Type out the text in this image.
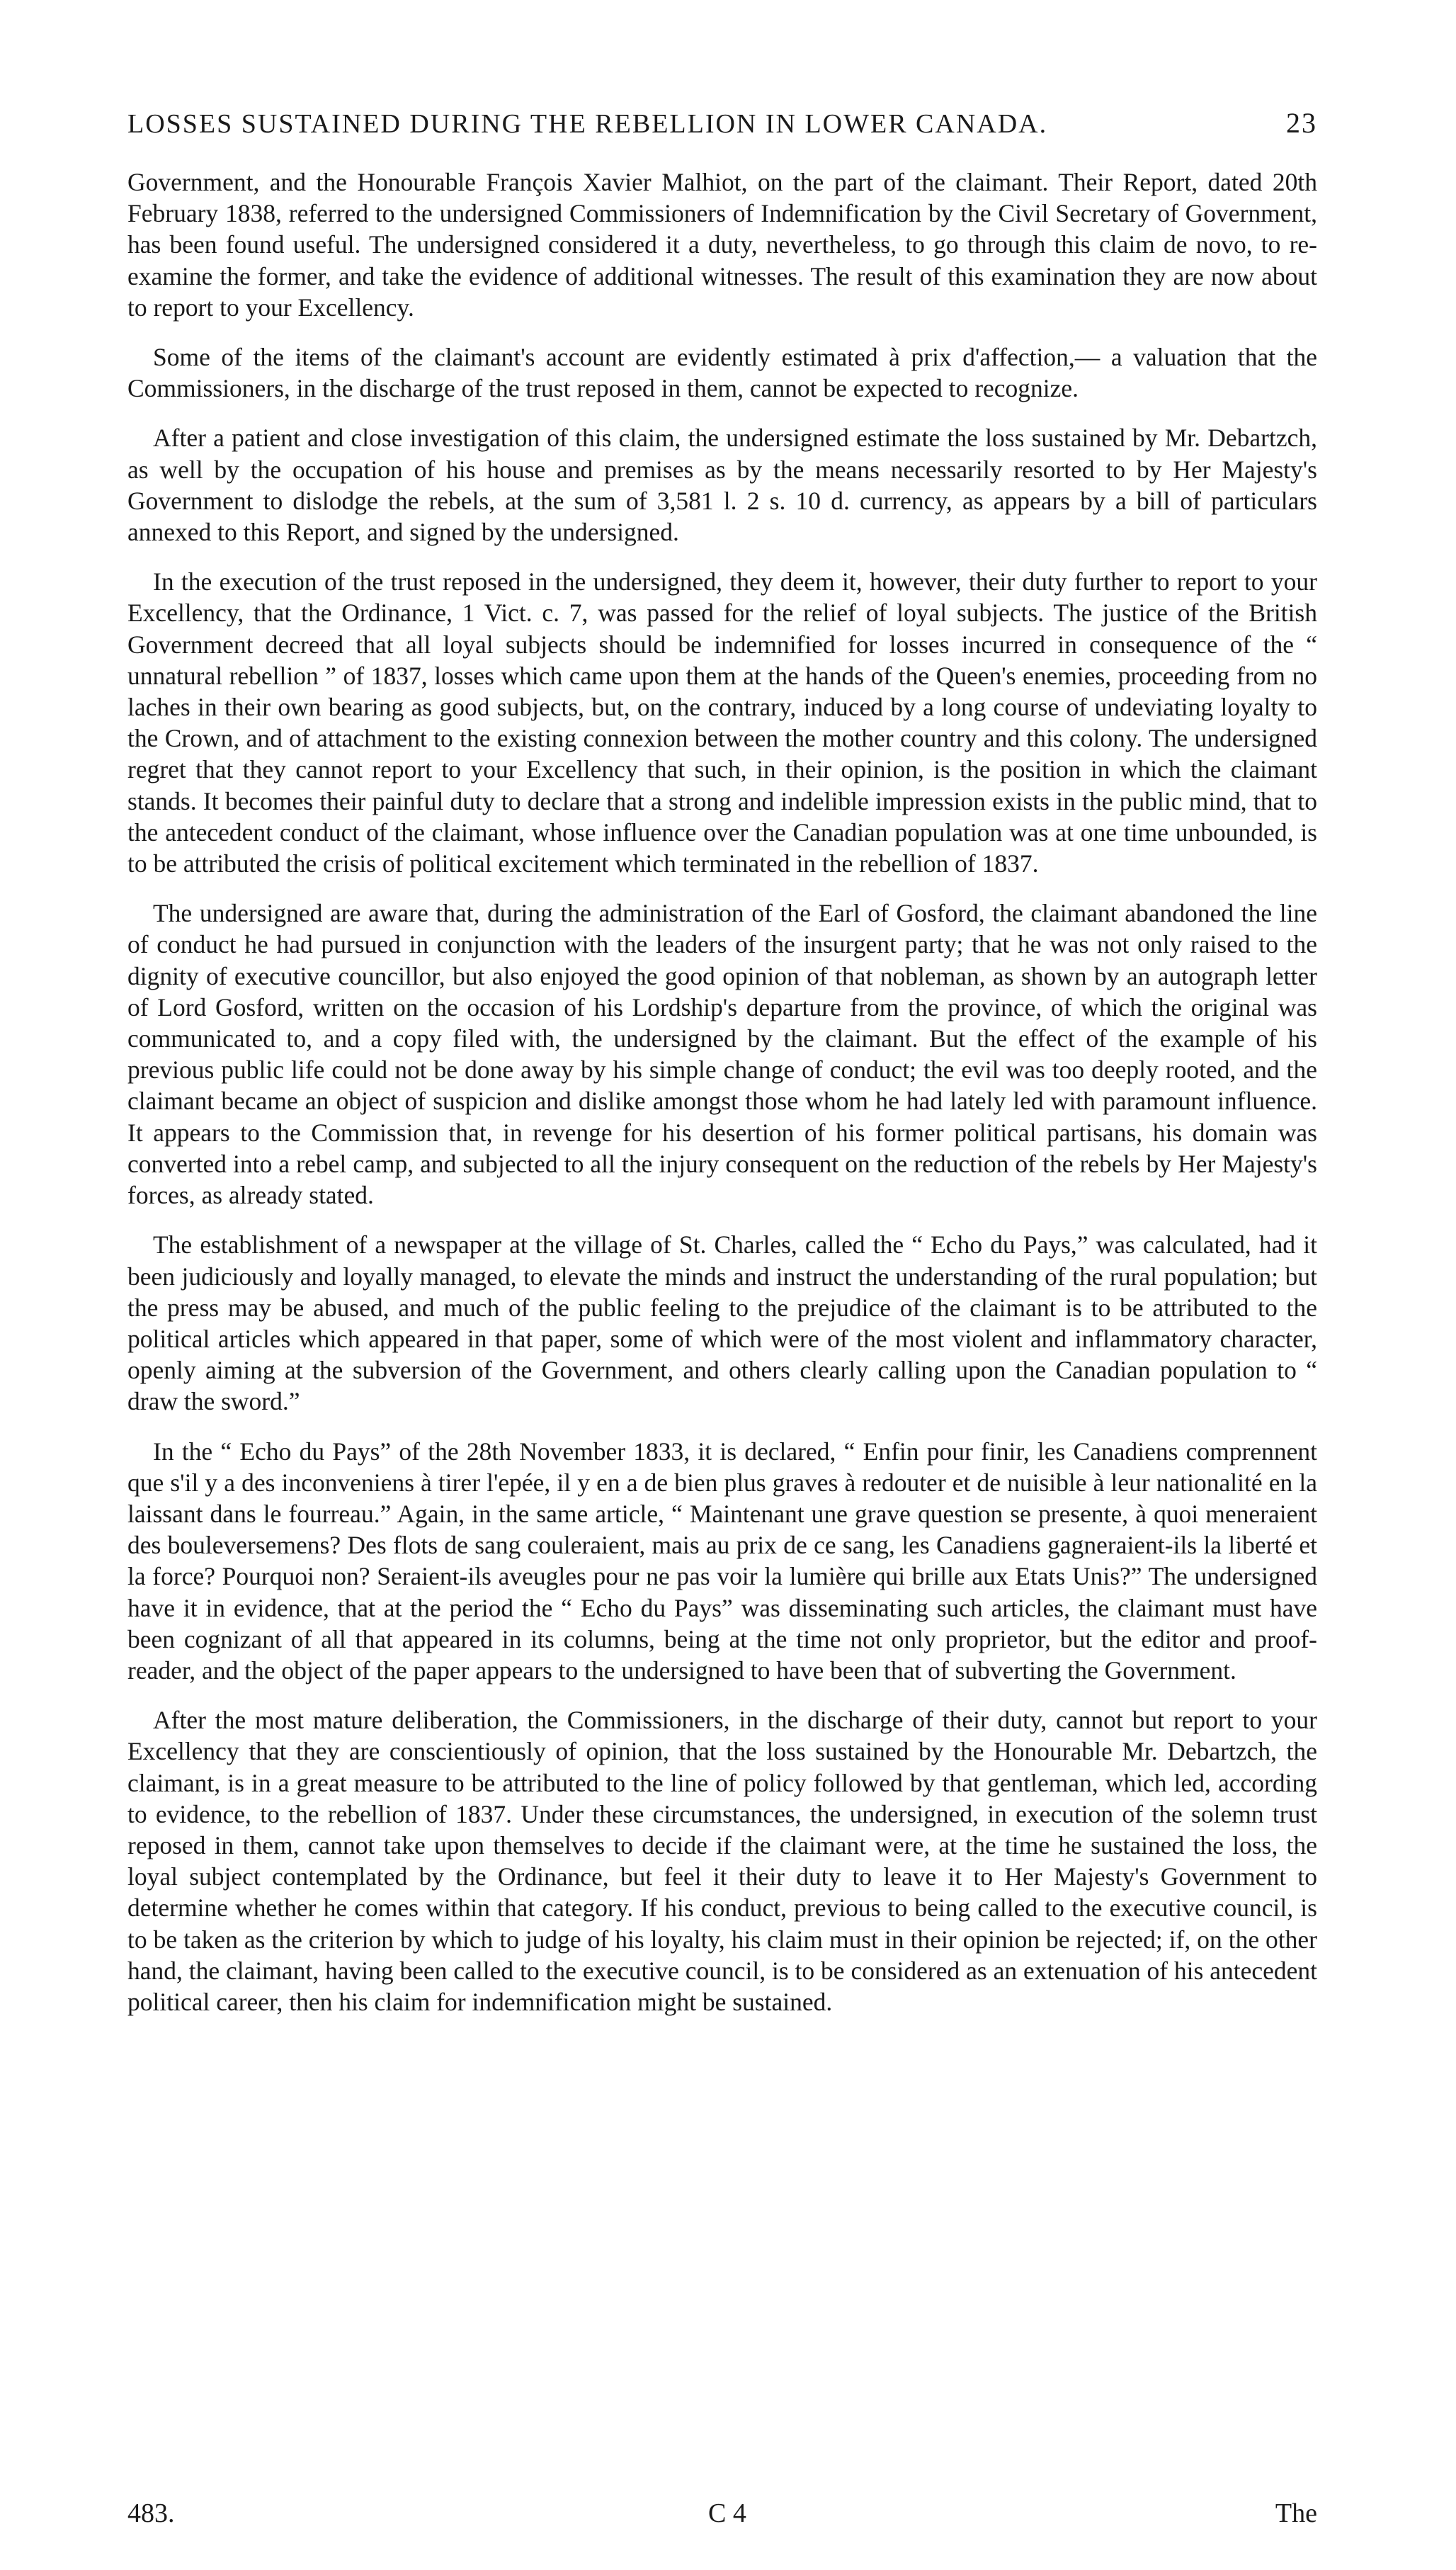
LOSSES SUSTAINED DURING THE REBELLION IN LOWER CANADA.	23

Government, and the Honourable François Xavier Malhiot, on the part of the claimant. Their Report, dated 20th February 1838, referred to the undersigned Commissioners of Indemnification by the Civil Secretary of Government, has been found useful. The undersigned considered it a duty, nevertheless, to go through this claim de novo, to re-examine the former, and take the evidence of additional witnesses. The result of this examination they are now about to report to your Excellency.

Some of the items of the claimant's account are evidently estimated à prix d'affection,— a valuation that the Commissioners, in the discharge of the trust reposed in them, cannot be expected to recognize.

After a patient and close investigation of this claim, the undersigned estimate the loss sustained by Mr. Debartzch, as well by the occupation of his house and premises as by the means necessarily resorted to by Her Majesty's Government to dislodge the rebels, at the sum of 3,581 l. 2 s. 10 d. currency, as appears by a bill of particulars annexed to this Report, and signed by the undersigned.

In the execution of the trust reposed in the undersigned, they deem it, however, their duty further to report to your Excellency, that the Ordinance, 1 Vict. c. 7, was passed for the relief of loyal subjects. The justice of the British Government decreed that all loyal subjects should be indemnified for losses incurred in consequence of the “ unnatural rebellion ” of 1837, losses which came upon them at the hands of the Queen's enemies, proceeding from no laches in their own bearing as good subjects, but, on the contrary, induced by a long course of undeviating loyalty to the Crown, and of attachment to the existing connexion between the mother country and this colony. The undersigned regret that they cannot report to your Excellency that such, in their opinion, is the position in which the claimant stands. It becomes their painful duty to declare that a strong and indelible impression exists in the public mind, that to the antecedent conduct of the claimant, whose influence over the Canadian population was at one time unbounded, is to be attributed the crisis of political excitement which terminated in the rebellion of 1837.

The undersigned are aware that, during the administration of the Earl of Gosford, the claimant abandoned the line of conduct he had pursued in conjunction with the leaders of the insurgent party; that he was not only raised to the dignity of executive councillor, but also enjoyed the good opinion of that nobleman, as shown by an autograph letter of Lord Gosford, written on the occasion of his Lordship's departure from the province, of which the original was communicated to, and a copy filed with, the undersigned by the claimant. But the effect of the example of his previous public life could not be done away by his simple change of conduct; the evil was too deeply rooted, and the claimant became an object of suspicion and dislike amongst those whom he had lately led with paramount influence. It appears to the Commission that, in revenge for his desertion of his former political partisans, his domain was converted into a rebel camp, and subjected to all the injury consequent on the reduction of the rebels by Her Majesty's forces, as already stated.

The establishment of a newspaper at the village of St. Charles, called the “ Echo du Pays,” was calculated, had it been judiciously and loyally managed, to elevate the minds and instruct the understanding of the rural population; but the press may be abused, and much of the public feeling to the prejudice of the claimant is to be attributed to the political articles which appeared in that paper, some of which were of the most violent and inflammatory character, openly aiming at the subversion of the Government, and others clearly calling upon the Canadian population to “ draw the sword.”

In the “ Echo du Pays” of the 28th November 1833, it is declared, “ Enfin pour finir, les Canadiens comprennent que s'il y a des inconveniens à tirer l'epée, il y en a de bien plus graves à redouter et de nuisible à leur nationalité en la laissant dans le fourreau.” Again, in the same article, “ Maintenant une grave question se presente, à quoi meneraient des bouleversemens? Des flots de sang couleraient, mais au prix de ce sang, les Canadiens gagneraient-ils la liberté et la force? Pourquoi non? Seraient-ils aveugles pour ne pas voir la lumière qui brille aux Etats Unis?” The undersigned have it in evidence, that at the period the “ Echo du Pays” was disseminating such articles, the claimant must have been cognizant of all that appeared in its columns, being at the time not only proprietor, but the editor and proof-reader, and the object of the paper appears to the undersigned to have been that of subverting the Government.

After the most mature deliberation, the Commissioners, in the discharge of their duty, cannot but report to your Excellency that they are conscientiously of opinion, that the loss sustained by the Honourable Mr. Debartzch, the claimant, is in a great measure to be attributed to the line of policy followed by that gentleman, which led, according to evidence, to the rebellion of 1837. Under these circumstances, the undersigned, in execution of the solemn trust reposed in them, cannot take upon themselves to decide if the claimant were, at the time he sustained the loss, the loyal subject contemplated by the Ordinance, but feel it their duty to leave it to Her Majesty's Government to determine whether he comes within that category. If his conduct, previous to being called to the executive council, is to be taken as the criterion by which to judge of his loyalty, his claim must in their opinion be rejected; if, on the other hand, the claimant, having been called to the executive council, is to be considered as an extenuation of his antecedent political career, then his claim for indemnification might be sustained.

483.	C 4	The
